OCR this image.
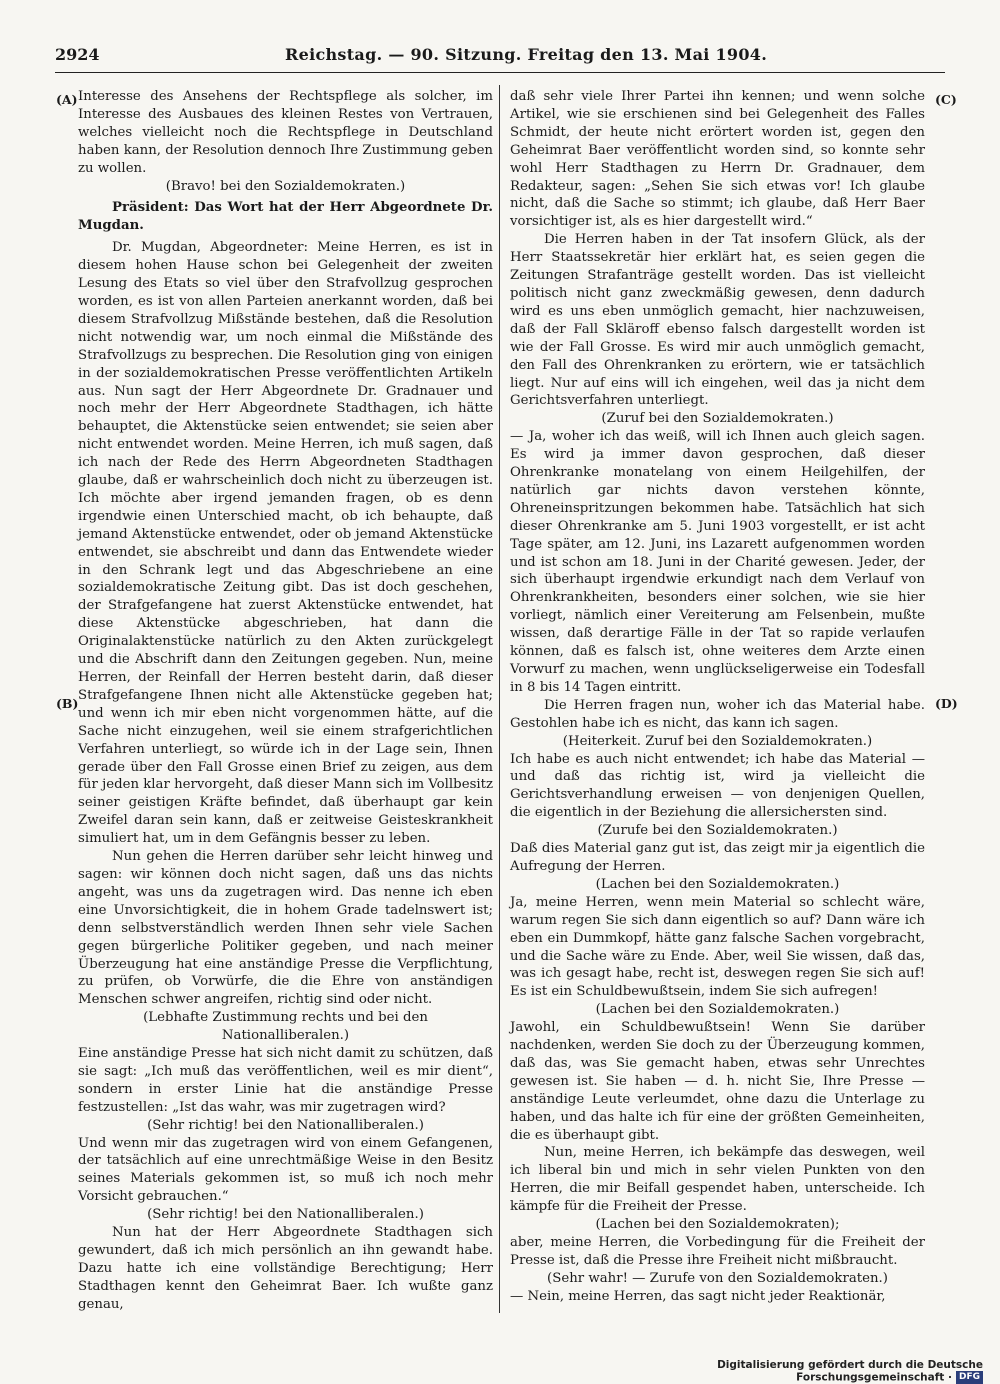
2924	Reichstag. — 90. Sitzung. Freitag den 13. Mai 1904.
(A)
(B)
(C)
(D)

Interesse des Ansehens der Rechtspflege als solcher, im Interesse des Ausbaues des kleinen Restes von Vertrauen, welches vielleicht noch die Rechtspflege in Deutschland haben kann, der Resolution dennoch Ihre Zustimmung geben zu wollen.

(Bravo! bei den Sozialdemokraten.)

Präsident: Das Wort hat der Herr Abgeordnete Dr. Mugdan.

Dr. Mugdan, Abgeordneter: Meine Herren, es ist in diesem hohen Hause schon bei Gelegenheit der zweiten Lesung des Etats so viel über den Strafvollzug gesprochen worden, es ist von allen Parteien anerkannt worden, daß bei diesem Strafvollzug Mißstände bestehen, daß die Resolution nicht notwendig war, um noch einmal die Mißstände des Strafvollzugs zu besprechen. Die Resolution ging von einigen in der sozialdemokratischen Presse veröffentlichten Artikeln aus. Nun sagt der Herr Abgeordnete Dr. Gradnauer und noch mehr der Herr Abgeordnete Stadthagen, ich hätte behauptet, die Aktenstücke seien entwendet; sie seien aber nicht entwendet worden. Meine Herren, ich muß sagen, daß ich nach der Rede des Herrn Abgeordneten Stadthagen glaube, daß er wahrscheinlich doch nicht zu überzeugen ist. Ich möchte aber irgend jemanden fragen, ob es denn irgendwie einen Unterschied macht, ob ich behaupte, daß jemand Aktenstücke entwendet, oder ob jemand Aktenstücke entwendet, sie abschreibt und dann das Entwendete wieder in den Schrank legt und das Abgeschriebene an eine sozialdemokratische Zeitung gibt. Das ist doch geschehen, der Strafgefangene hat zuerst Aktenstücke entwendet, hat diese Aktenstücke abgeschrieben, hat dann die Originalaktenstücke natürlich zu den Akten zurückgelegt und die Abschrift dann den Zeitungen gegeben. Nun, meine Herren, der Reinfall der Herren besteht darin, daß dieser Strafgefangene Ihnen nicht alle Aktenstücke gegeben hat; und wenn ich mir eben nicht vorgenommen hätte, auf die Sache nicht einzugehen, weil sie einem strafgerichtlichen Verfahren unterliegt, so würde ich in der Lage sein, Ihnen gerade über den Fall Grosse einen Brief zu zeigen, aus dem für jeden klar hervorgeht, daß dieser Mann sich im Vollbesitz seiner geistigen Kräfte befindet, daß überhaupt gar kein Zweifel daran sein kann, daß er zeitweise Geisteskrankheit simuliert hat, um in dem Gefängnis besser zu leben.

Nun gehen die Herren darüber sehr leicht hinweg und sagen: wir können doch nicht sagen, daß uns das nichts angeht, was uns da zugetragen wird. Das nenne ich eben eine Unvorsichtigkeit, die in hohem Grade tadelnswert ist; denn selbstverständlich werden Ihnen sehr viele Sachen gegen bürgerliche Politiker gegeben, und nach meiner Überzeugung hat eine anständige Presse die Verpflichtung, zu prüfen, ob Vorwürfe, die die Ehre von anständigen Menschen schwer angreifen, richtig sind oder nicht.

(Lebhafte Zustimmung rechts und bei den Nationalliberalen.)

Eine anständige Presse hat sich nicht damit zu schützen, daß sie sagt: „Ich muß das veröffentlichen, weil es mir dient“, sondern in erster Linie hat die anständige Presse festzustellen: „Ist das wahr, was mir zugetragen wird?

(Sehr richtig! bei den Nationalliberalen.)

Und wenn mir das zugetragen wird von einem Gefangenen, der tatsächlich auf eine unrechtmäßige Weise in den Besitz seines Materials gekommen ist, so muß ich noch mehr Vorsicht gebrauchen.“

(Sehr richtig! bei den Nationalliberalen.)

Nun hat der Herr Abgeordnete Stadthagen sich gewundert, daß ich mich persönlich an ihn gewandt habe. Dazu hatte ich eine vollständige Berechtigung; Herr Stadthagen kennt den Geheimrat Baer. Ich wußte ganz genau,

daß sehr viele Ihrer Partei ihn kennen; und wenn solche Artikel, wie sie erschienen sind bei Gelegenheit des Falles Schmidt, der heute nicht erörtert worden ist, gegen den Geheimrat Baer veröffentlicht worden sind, so konnte sehr wohl Herr Stadthagen zu Herrn Dr. Gradnauer, dem Redakteur, sagen: „Sehen Sie sich etwas vor! Ich glaube nicht, daß die Sache so stimmt; ich glaube, daß Herr Baer vorsichtiger ist, als es hier dargestellt wird.“

Die Herren haben in der Tat insofern Glück, als der Herr Staatssekretär hier erklärt hat, es seien gegen die Zeitungen Strafanträge gestellt worden. Das ist vielleicht politisch nicht ganz zweckmäßig gewesen, denn dadurch wird es uns eben unmöglich gemacht, hier nachzuweisen, daß der Fall Skläroff ebenso falsch dargestellt worden ist wie der Fall Grosse. Es wird mir auch unmöglich gemacht, den Fall des Ohrenkranken zu erörtern, wie er tatsächlich liegt. Nur auf eins will ich eingehen, weil das ja nicht dem Gerichtsverfahren unterliegt.

(Zuruf bei den Sozialdemokraten.)

— Ja, woher ich das weiß, will ich Ihnen auch gleich sagen. Es wird ja immer davon gesprochen, daß dieser Ohrenkranke monatelang von einem Heilgehilfen, der natürlich gar nichts davon verstehen könnte, Ohreneinspritzungen bekommen habe. Tatsächlich hat sich dieser Ohrenkranke am 5. Juni 1903 vorgestellt, er ist acht Tage später, am 12. Juni, ins Lazarett aufgenommen worden und ist schon am 18. Juni in der Charité gewesen. Jeder, der sich überhaupt irgendwie erkundigt nach dem Verlauf von Ohrenkrankheiten, besonders einer solchen, wie sie hier vorliegt, nämlich einer Vereiterung am Felsenbein, mußte wissen, daß derartige Fälle in der Tat so rapide verlaufen können, daß es falsch ist, ohne weiteres dem Arzte einen Vorwurf zu machen, wenn unglückseligerweise ein Todesfall in 8 bis 14 Tagen eintritt.

Die Herren fragen nun, woher ich das Material habe. Gestohlen habe ich es nicht, das kann ich sagen.

(Heiterkeit. Zuruf bei den Sozialdemokraten.)

Ich habe es auch nicht entwendet; ich habe das Material — und daß das richtig ist, wird ja vielleicht die Gerichtsverhandlung erweisen — von denjenigen Quellen, die eigentlich in der Beziehung die allersichersten sind.

(Zurufe bei den Sozialdemokraten.)

Daß dies Material ganz gut ist, das zeigt mir ja eigentlich die Aufregung der Herren.

(Lachen bei den Sozialdemokraten.)

Ja, meine Herren, wenn mein Material so schlecht wäre, warum regen Sie sich dann eigentlich so auf? Dann wäre ich eben ein Dummkopf, hätte ganz falsche Sachen vorgebracht, und die Sache wäre zu Ende. Aber, weil Sie wissen, daß das, was ich gesagt habe, recht ist, deswegen regen Sie sich auf! Es ist ein Schuldbewußtsein, indem Sie sich aufregen!

(Lachen bei den Sozialdemokraten.)

Jawohl, ein Schuldbewußtsein! Wenn Sie darüber nachdenken, werden Sie doch zu der Überzeugung kommen, daß das, was Sie gemacht haben, etwas sehr Unrechtes gewesen ist. Sie haben — d. h. nicht Sie, Ihre Presse — anständige Leute verleumdet, ohne dazu die Unterlage zu haben, und das halte ich für eine der größten Gemeinheiten, die es überhaupt gibt.

Nun, meine Herren, ich bekämpfe das deswegen, weil ich liberal bin und mich in sehr vielen Punkten von den Herren, die mir Beifall gespendet haben, unterscheide. Ich kämpfe für die Freiheit der Presse.

(Lachen bei den Sozialdemokraten);

aber, meine Herren, die Vorbedingung für die Freiheit der Presse ist, daß die Presse ihre Freiheit nicht mißbraucht.

(Sehr wahr! — Zurufe von den Sozialdemokraten.)

— Nein, meine Herren, das sagt nicht jeder Reaktionär,

Digitalisierung gefördert durch die Deutsche Forschungsgemeinschaft · DFG
